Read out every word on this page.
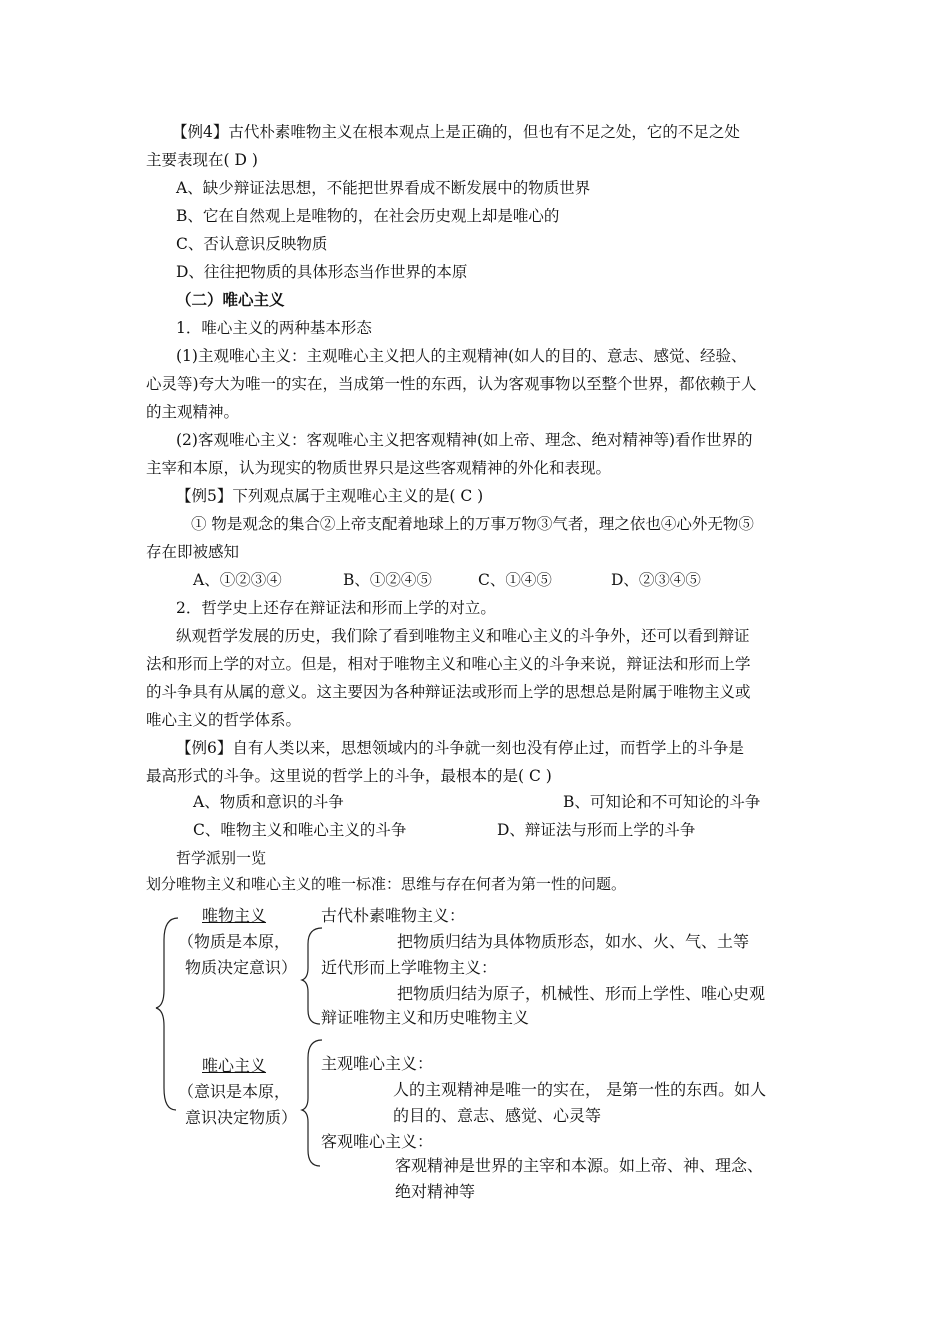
【例4】古代朴素唯物主义在根本观点上是正确的，但也有不足之处，它的不足之处
主要表现在( D )
A、缺少辩证法思想，不能把世界看成不断发展中的物质世界
B、它在自然观上是唯物的，在社会历史观上却是唯心的
C、否认意识反映物质
D、往往把物质的具体形态当作世界的本原
（二）唯心主义
1．唯心主义的两种基本形态
(1)主观唯心主义：主观唯心主义把人的主观精神(如人的目的、意志、感觉、经验、
心灵等)夸大为唯一的实在，当成第一性的东西，认为客观事物以至整个世界，都依赖于人
的主观精神。
(2)客观唯心主义：客观唯心主义把客观精神(如上帝、理念、绝对精神等)看作世界的
主宰和本原，认为现实的物质世界只是这些客观精神的外化和表现。
【例5】下列观点属于主观唯心主义的是( C )
① 物是观念的集合②上帝支配着地球上的万事万物③气者，理之依也④心外无物⑤
存在即被感知
A、①②③④	B、①②④⑤	C、①④⑤	D、②③④⑤
2．哲学史上还存在辩证法和形而上学的对立。
纵观哲学发展的历史，我们除了看到唯物主义和唯心主义的斗争外，还可以看到辩证
法和形而上学的对立。但是，相对于唯物主义和唯心主义的斗争来说，辩证法和形而上学
的斗争具有从属的意义。这主要因为各种辩证法或形而上学的思想总是附属于唯物主义或
唯心主义的哲学体系。
【例6】自有人类以来，思想领域内的斗争就一刻也没有停止过，而哲学上的斗争是
最高形式的斗争。这里说的哲学上的斗争，最根本的是( C )
A、物质和意识的斗争	B、可知论和不可知论的斗争
C、唯物主义和唯心主义的斗争	D、辩证法与形而上学的斗争
哲学派别一览
划分唯物主义和唯心主义的唯一标准：思维与存在何者为第一性的问题。
唯物主义
（物质是本原，
物质决定意识）
古代朴素唯物主义：
把物质归结为具体物质形态，如水、火、气、土等
近代形而上学唯物主义：
把物质归结为原子，机械性、形而上学性、唯心史观
辩证唯物主义和历史唯物主义
唯心主义
（意识是本原，
意识决定物质）
主观唯心主义：
人的主观精神是唯一的实在， 是第一性的东西。如人
的目的、意志、感觉、心灵等
客观唯心主义：
客观精神是世界的主宰和本源。如上帝、神、理念、
绝对精神等
